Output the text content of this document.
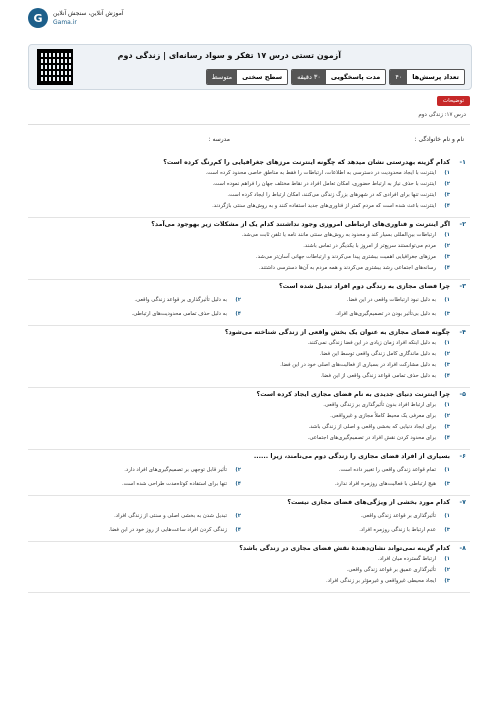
G	آموزش آنلاین، سنجش آنلاین
Gama.ir
آزمون تستی درس ۱۷ تفکر و سواد رسانه‌ای | زندگی دوم
تعداد پرسش‌ها
۴۰
مدت پاسخگویی
۳۰ دقیقه
سطح سختی
متوسط
توضیحات
درس ۱۷: زندگی دوم
نام و نام خانوادگی :
مدرسه :
۱-
کدام گزینه بهدرستی نشان میدهد که چگونه اینترنت مرزهای جغرافیایی را کم‌رنگ کرده است؟
۱)
اینترنت با ایجاد محدودیت در دسترسی به اطلاعات، ارتباطات را فقط به مناطق خاصی محدود کرده است.
۲)
اینترنت با حذف نیاز به ارتباط حضوری، امکان تعامل افراد در نقاط مختلف جهان را فراهم نموده است.
۳)
اینترنت تنها برای افرادی که در شهرهای بزرگ زندگی می‌کنند، امکان ارتباط را ایجاد کرده است.
۴)
اینترنت باعث شده است که مردم کمتر از فناوری‌های جدید استفاده کنند و به روش‌های سنتی بازگردند.
۲-
اگر اینترنت و فناوری‌های ارتباطی امروزی وجود نداشتند کدام یک از مشکلات زیر بهوجود می‌آمد؟
۱)
ارتباطات بین‌المللی بسیار کند و محدود به روش‌های سنتی مانند نامه یا تلفن ثابت می‌شد.
۲)
مردم می‌توانستند سریع‌تر از امروز با یکدیگر در تماس باشند.
۳)
مرزهای جغرافیایی اهمیت بیشتری پیدا می‌کردند و ارتباطات جهانی آسان‌تر می‌شد.
۴)
رسانه‌های اجتماعی رشد بیشتری می‌کردند و همه مردم به آن‌ها دسترسی داشتند.
۳-
چرا فضای مجازی به زندگی دوم افراد تبدیل شده است؟
۱)
به دلیل نبود ارتباطات واقعی در این فضا.
۲)
به دلیل تأثیرگذاری بر قواعد زندگی واقعی.
۳)
به دلیل بی‌تأثیر بودن در تصمیم‌گیری‌های افراد.
۴)
به دلیل حذف تمامی محدودیت‌های ارتباطی.
۴-
چگونه فضای مجازی به عنوان یک بخش واقعی از زندگی شناخته می‌شود؟
۱)
به دلیل اینکه افراد زمان زیادی در این فضا زندگی نمی‌کنند.
۲)
به دلیل ماندگاری کامل زندگی واقعی توسط این فضا.
۳)
به دلیل مشارکت افراد در بسیاری از فعالیت‌های اصلی خود در این فضا.
۴)
به دلیل حذف تمامی قواعد زندگی واقعی از این فضا.
۵-
چرا اینترنت دنیای جدیدی به نام فضای مجازی ایجاد کرده است؟
۱)
برای ارتباط افراد بدون تأثیرگذاری بر زندگی واقعی.
۲)
برای معرفی یک محیط کاملاً مجازی و غیرواقعی.
۳)
برای ایجاد دنیایی که بخشی واقعی و اصلی از زندگی باشد.
۴)
برای محدود کردن نقش افراد در تصمیم‌گیری‌های اجتماعی.
۶-
بسیاری از افراد فضای مجازی را زندگی دوم می‌نامند، زیرا ......
۱)
تمام قواعد زندگی واقعی را تغییر داده است.
۲)
تأثیر قابل توجهی بر تصمیم‌گیری‌های افراد دارد.
۳)
هیچ ارتباطی با فعالیت‌های روزمره افراد ندارد.
۴)
تنها برای استفاده کوتاه‌مدت طراحی شده است.
۷-
کدام مورد بخشی از ویژگی‌های فضای مجازی نیست؟
۱)
تأثیرگذاری بر قواعد زندگی واقعی.
۲)
تبدیل شدن به بخشی اصلی و سنتی از زندگی افراد.
۳)
عدم ارتباط با زندگی روزمره افراد.
۴)
زندگی کردن افراد ساعت‌هایی از روز خود در این فضا.
۸-
کدام گزینه نمی‌تواند نشان‌دهندهٔ نقش فضای مجازی در زندگی باشد؟
۱)
ارتباط گسترده میان افراد.
۲)
تأثیرگذاری عمیق بر قواعد زندگی واقعی.
۳)
ایجاد محیطی غیرواقعی و غیرمؤثر بر زندگی افراد.
